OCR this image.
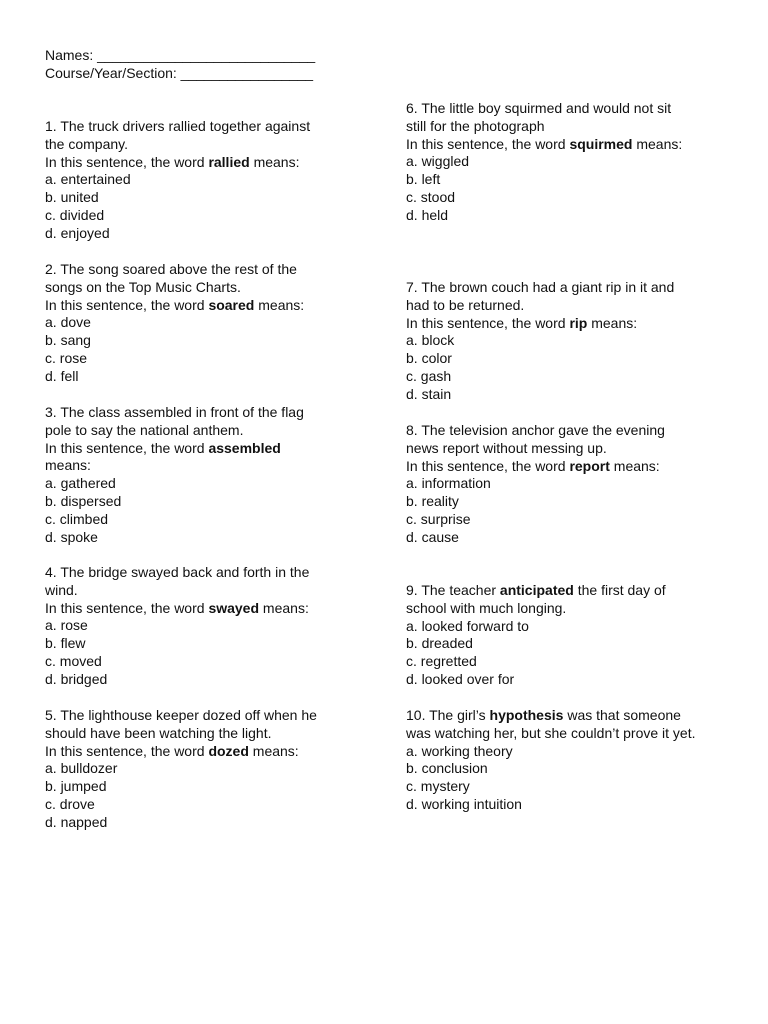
Names: ____________________________
Course/Year/Section: _________________
1. The truck drivers rallied together against
the company.
In this sentence, the word rallied means:
a. entertained
b. united
c. divided
d. enjoyed
2. The song soared above the rest of the
songs on the Top Music Charts.
In this sentence, the word soared means:
a. dove
b. sang
c. rose
d. fell
3. The class assembled in front of the flag
pole to say the national anthem.
In this sentence, the word assembled
means:
a. gathered
b. dispersed
c. climbed
d. spoke
4. The bridge swayed back and forth in the
wind.
In this sentence, the word swayed means:
a. rose
b. flew
c. moved
d. bridged
5. The lighthouse keeper dozed off when he
should have been watching the light.
In this sentence, the word dozed means:
a. bulldozer
b. jumped
c. drove
d. napped
6. The little boy squirmed and would not sit
still for the photograph
In this sentence, the word squirmed means:
a. wiggled
b. left
c. stood
d. held
7. The brown couch had a giant rip in it and
had to be returned.
In this sentence, the word rip means:
a. block
b. color
c. gash
d. stain
8. The television anchor gave the evening
news report without messing up.
In this sentence, the word report means:
a. information
b. reality
c. surprise
d. cause
9. The teacher anticipated the first day of
school with much longing.
a. looked forward to
b. dreaded
c. regretted
d. looked over for
10. The girl’s hypothesis was that someone
was watching her, but she couldn’t prove it yet.
a. working theory
b. conclusion
c. mystery
d. working intuition
